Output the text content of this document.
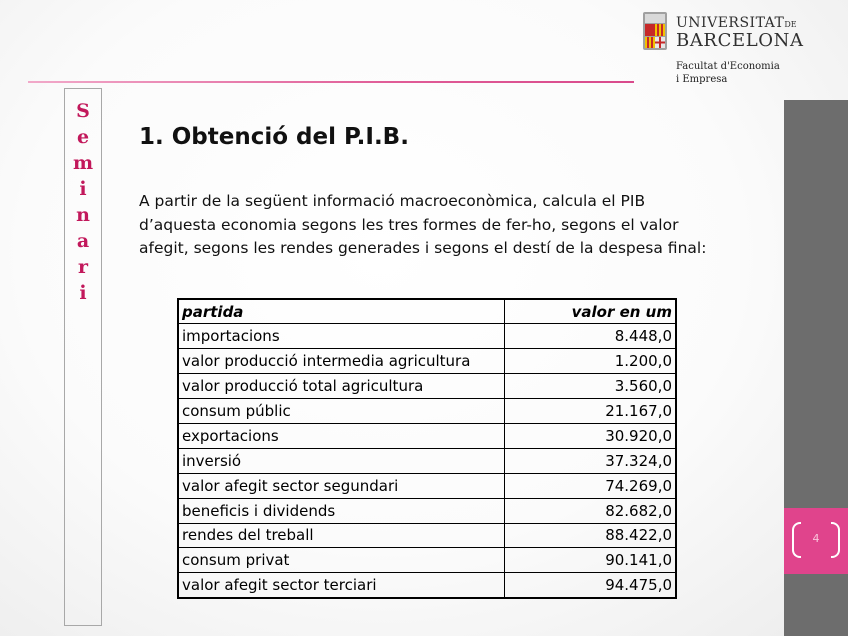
UNIVERSITATDE
BARCELONA
Facultat d'Economia
i Empresa
S
e
m
i
n
a
r
i
1. Obtenció del P.I.B.

A partir de la següent informació macroeconòmica, calcula el PIB d’aquesta economia segons les tres formes de fer-ho, segons el valor afegit, segons les rendes generades i segons el destí de la despesa final:

partida	valor en um
importacions	8.448,0
valor producció intermedia agricultura	1.200,0
valor producció total agricultura	3.560,0
consum públic	21.167,0
exportacions	30.920,0
inversió	37.324,0
valor afegit sector segundari	74.269,0
beneficis i dividends	82.682,0
rendes del treball	88.422,0
consum privat	90.141,0
valor afegit sector terciari	94.475,0
4
